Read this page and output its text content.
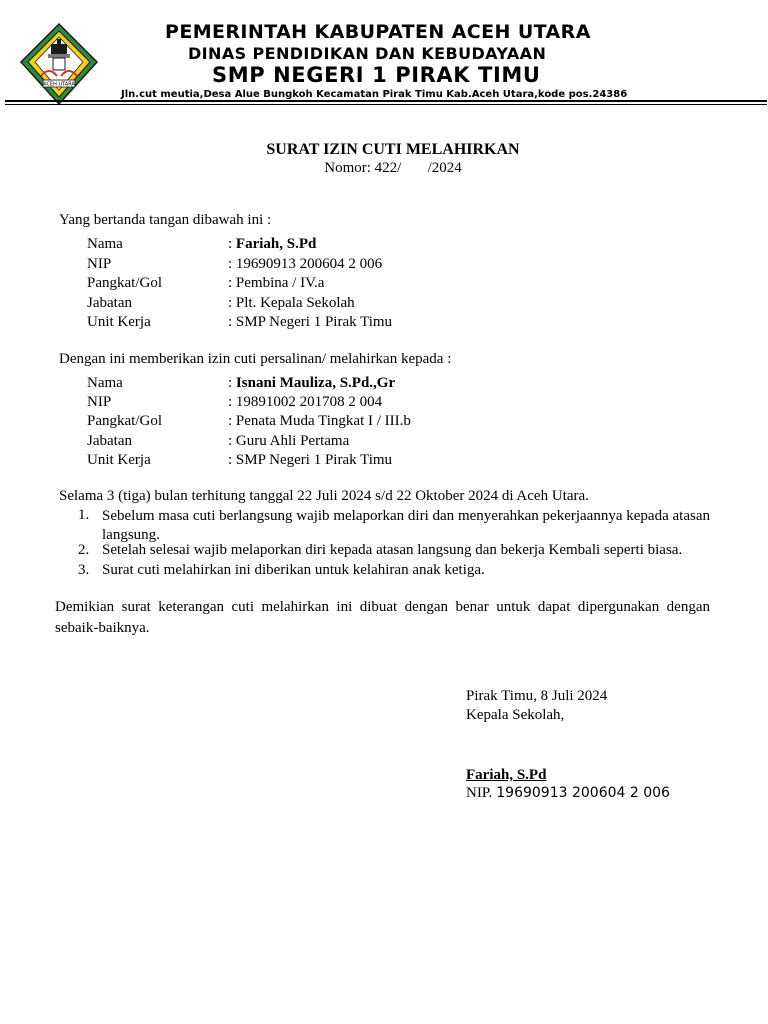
ACEH UTARA
PEMERINTAH KABUPATEN ACEH UTARA
DINAS PENDIDIKAN DAN KEBUDAYAAN
SMP NEGERI 1 PIRAK TIMU
Jln.cut meutia,Desa Alue Bungkoh Kecamatan Pirak Timu Kab.Aceh Utara,kode pos.24386
SURAT IZIN CUTI MELAHIRKAN
Nomor: 422/       /2024
Yang bertanda tangan dibawah ini :
Nama	: Fariah, S.Pd
NIP	: 19690913 200604 2 006
Pangkat/Gol	: Pembina / IV.a
Jabatan	: Plt. Kepala Sekolah
Unit Kerja	: SMP Negeri 1 Pirak Timu
Dengan ini memberikan izin cuti persalinan/ melahirkan kepada :
Nama	: Isnani Mauliza, S.Pd.,Gr
NIP	: 19891002 201708 2 004
Pangkat/Gol	: Penata Muda Tingkat I / III.b
Jabatan	: Guru Ahli Pertama
Unit Kerja	: SMP Negeri 1 Pirak Timu
Selama 3 (tiga) bulan terhitung tanggal 22 Juli 2024 s/d 22 Oktober 2024 di Aceh Utara.
1. Sebelum masa cuti berlangsung wajib melaporkan diri dan menyerahkan pekerjaannya kepada atasan langsung.
2. Setelah selesai wajib melaporkan diri kepada atasan langsung dan bekerja Kembali seperti biasa.
3. Surat cuti melahirkan ini diberikan untuk kelahiran anak ketiga.
Demikian surat keterangan cuti melahirkan ini dibuat dengan benar untuk dapat dipergunakan dengan sebaik-baiknya.
Pirak Timu, 8 Juli 2024
Kepala Sekolah,
Fariah, S.Pd
NIP. 19690913 200604 2 006
